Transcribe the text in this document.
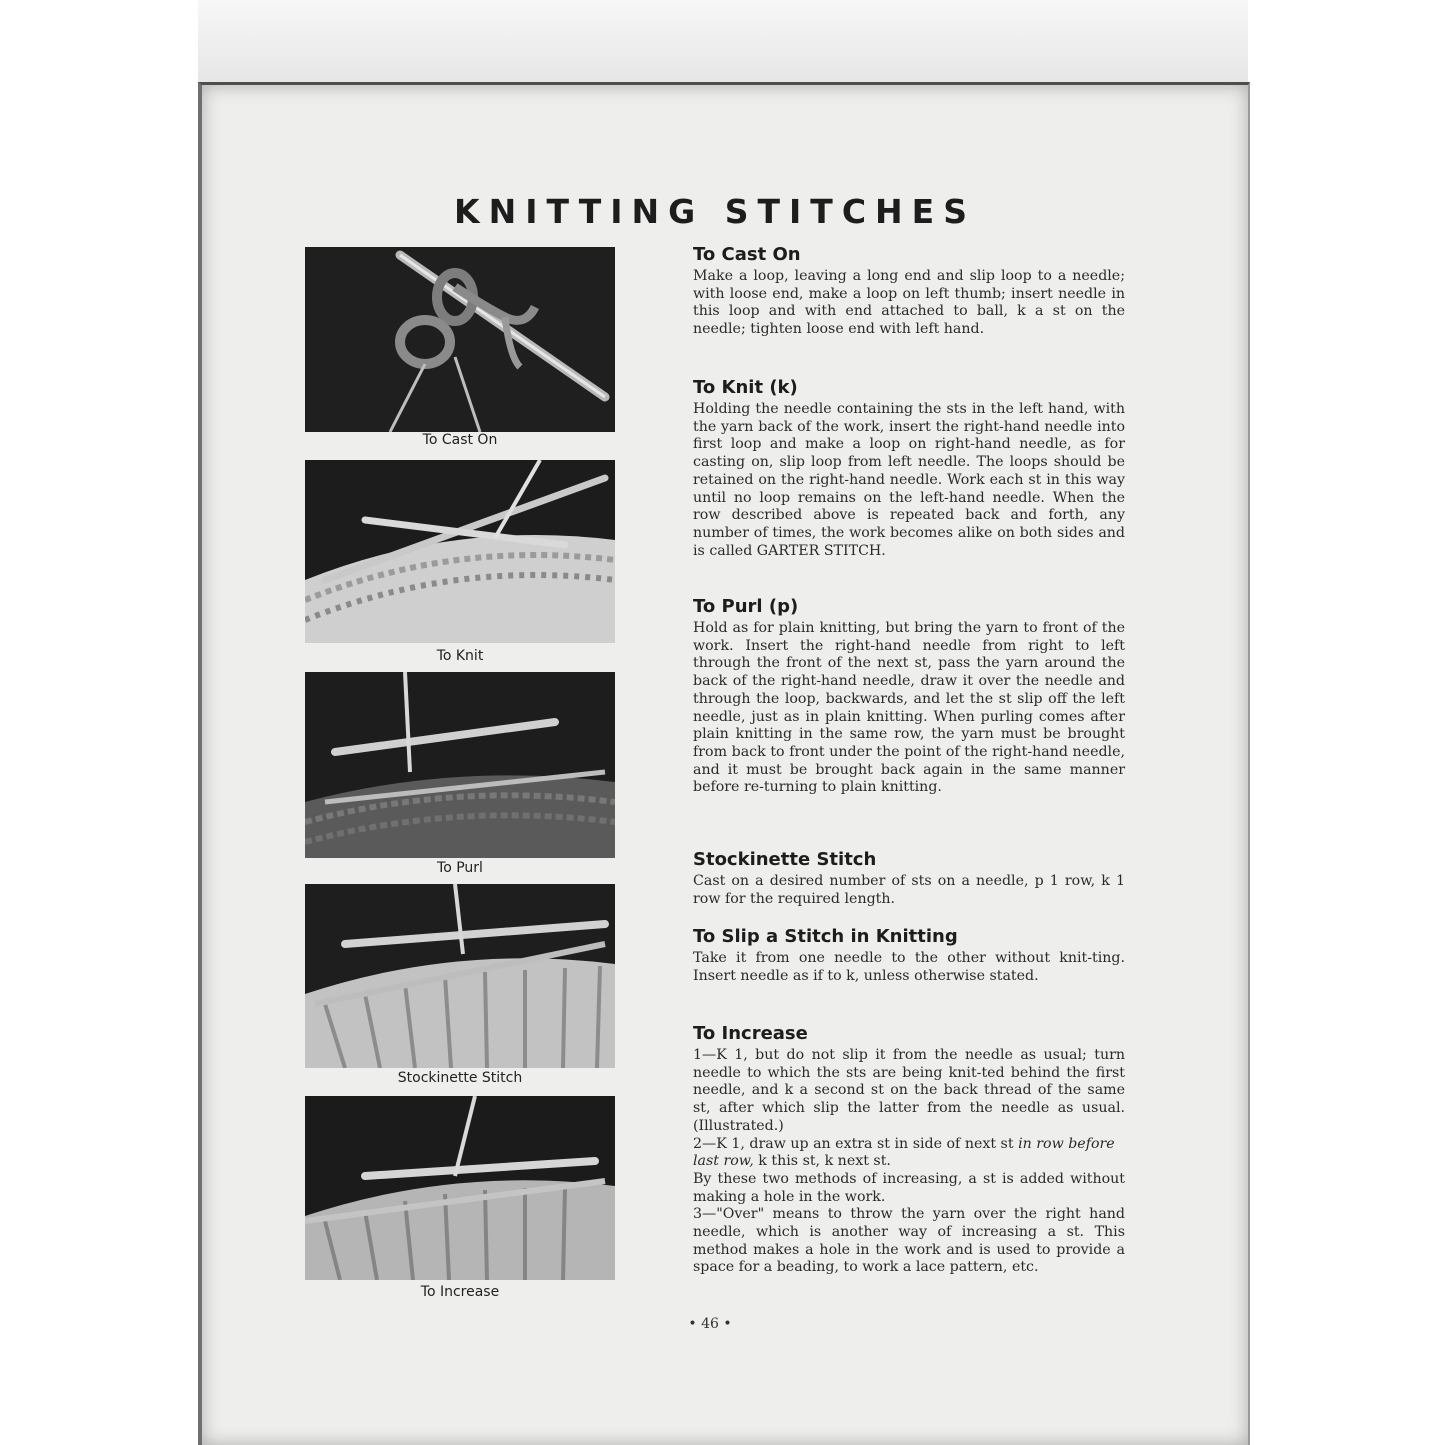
KNITTING STITCHES
To Cast On
To Knit
To Purl
Stockinette Stitch
To Increase
To Cast On

Make a loop, leaving a long end and slip loop to a needle; with loose end, make a loop on left thumb; insert needle in this loop and with end attached to ball, k a st on the needle; tighten loose end with left hand.

To Knit (k)

Holding the needle containing the sts in the left hand, with the yarn back of the work, insert the right-hand needle into first loop and make a loop on right-hand needle, as for casting on, slip loop from left needle. The loops should be retained on the right-hand needle. Work each st in this way until no loop remains on the left-hand needle. When the row described above is repeated back and forth, any number of times, the work becomes alike on both sides and is called GARTER STITCH.

To Purl (p)

Hold as for plain knitting, but bring the yarn to front of the work. Insert the right-hand needle from right to left through the front of the next st, pass the yarn around the back of the right-hand needle, draw it over the needle and through the loop, backwards, and let the st slip off the left needle, just as in plain knitting. When purling comes after plain knitting in the same row, the yarn must be brought from back to front under the point of the right-hand needle, and it must be brought back again in the same manner before re-turning to plain knitting.

Stockinette Stitch

Cast on a desired number of sts on a needle, p 1 row, k 1 row for the required length.

To Slip a Stitch in Knitting

Take it from one needle to the other without knit-ting. Insert needle as if to k, unless otherwise stated.

To Increase

1—K 1, but do not slip it from the needle as usual; turn needle to which the sts are being knit-ted behind the first needle, and k a second st on the back thread of the same st, after which slip the latter from the needle as usual. (Illustrated.)

2—K 1, draw up an extra st in side of next st in row before last row, k this st, k next st.

By these two methods of increasing, a st is added without making a hole in the work.

3—"Over" means to throw the yarn over the right hand needle, which is another way of increasing a st. This method makes a hole in the work and is used to provide a space for a beading, to work a lace pattern, etc.

• 46 •
